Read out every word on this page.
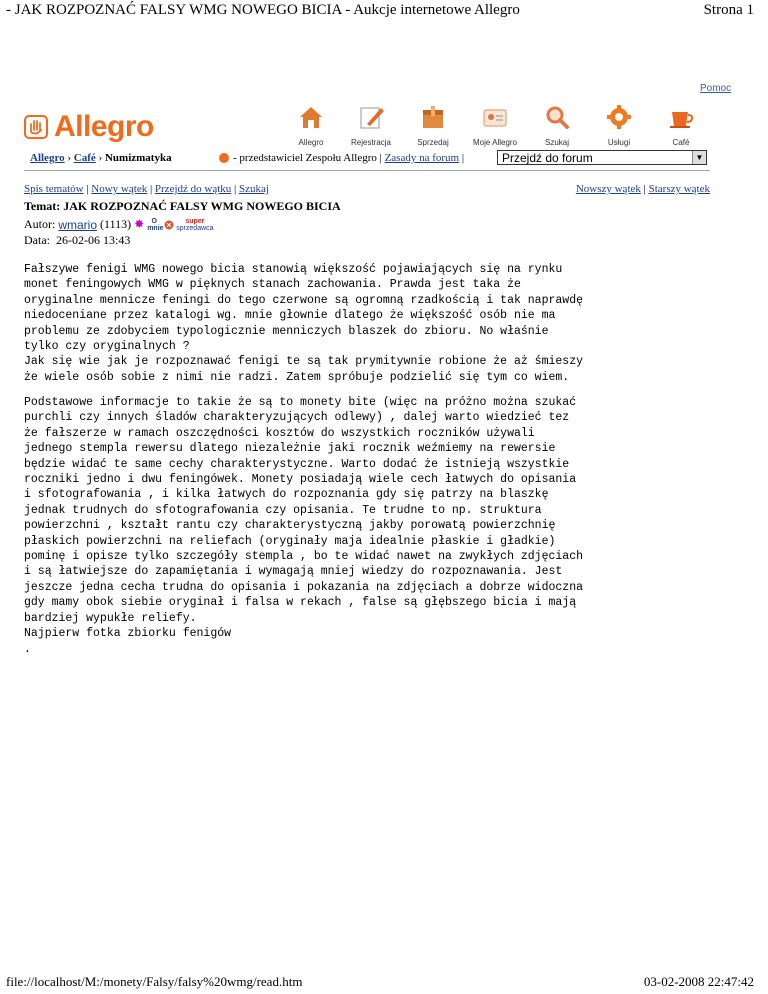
- JAK ROZPOZNAĆ FALSY WMG NOWEGO BICIA - Aukcje internetowe Allegro	Strona 1
Pomoc
Allegro	Allegro	Rejestracja	Sprzedaj	Moje Allegro	Szukaj	Usługi	Café
Allegro › Café › Numizmatyka	- przedstawiciel Zespołu Allegro |
Zasady na forum
|	Przejdź do forum	▼
Spis tematów | Nowy wątek | Przejdź do wątku | Szukaj	Nowszy wątek | Starszy wątek
Temat: JAK ROZPOZNAĆ FALSY WMG NOWEGO BICIA
Autor:
wmario
(1113) ✸	O mnie
super
sprzedawca
Data: 26-02-06 13:43
Fałszywe fenigi WMG nowego bicia stanowią większość pojawiających się na rynku
monet feningowych WMG w pięknych stanach zachowania. Prawda jest taka że
oryginalne mennicze feningi do tego czerwone są ogromną rzadkością i tak naprawdę
niedoceniane przez katalogi wg. mnie głownie dlatego że większość osób nie ma
problemu ze zdobyciem typologicznie menniczych blaszek do zbioru. No właśnie
tylko czy oryginalnych ?
Jak się wie jak je rozpoznawać fenigi te są tak prymitywnie robione że aż śmieszy
że wiele osób sobie z nimi nie radzi. Zatem spróbuje podzielić się tym co wiem.
Podstawowe informacje to takie że są to monety bite (więc na próżno można szukać
purchli czy innych śladów charakteryzujących odlewy) , dalej warto wiedzieć tez
że fałszerze w ramach oszczędności kosztów do wszystkich roczników używali
jednego stempla rewersu dlatego niezależnie jaki rocznik weźmiemy na rewersie
będzie widać te same cechy charakterystyczne. Warto dodać że istnieją wszystkie
roczniki jedno i dwu feningówek. Monety posiadają wiele cech łatwych do opisania
i sfotografowania , i kilka łatwych do rozpoznania gdy się patrzy na blaszkę
jednak trudnych do sfotografowania czy opisania. Te trudne to np. struktura
powierzchni , kształt rantu czy charakterystyczną jakby porowatą powierzchnię
płaskich powierzchni na reliefach (oryginały maja idealnie płaskie i gładkie)
pominę i opisze tylko szczegóły stempla , bo te widać nawet na zwykłych zdjęciach
i są łatwiejsze do zapamiętania i wymagają mniej wiedzy do rozpoznawania. Jest
jeszcze jedna cecha trudna do opisania i pokazania na zdjęciach a dobrze widoczna
gdy mamy obok siebie oryginał i falsa w rekach , false są głębszego bicia i mają
bardziej wypukłe reliefy.
Najpierw fotka zbiorku fenigów
.
file://localhost/M:/monety/Falsy/falsy%20wmg/read.htm	03-02-2008 22:47:42
